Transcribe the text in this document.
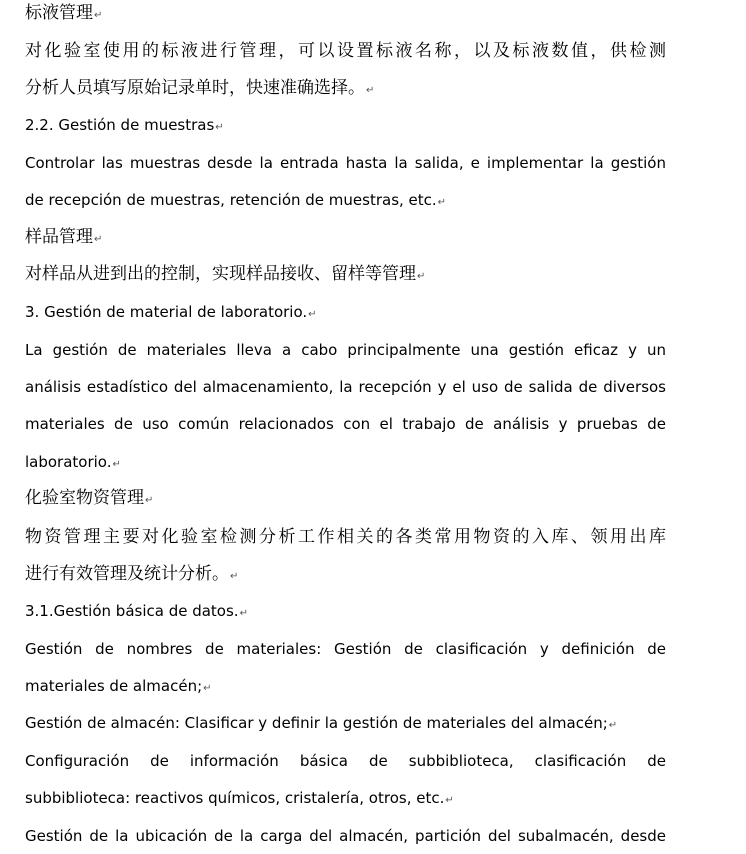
标液管理↵
对化验室使用的标液进行管理，可以设置标液名称，以及标液数值，供检测
分析人员填写原始记录单时，快速准确选择。↵
2.2. Gestión de muestras↵
Controlar las muestras desde la entrada hasta la salida, e implementar la gestión
de recepción de muestras, retención de muestras, etc.↵
样品管理↵
对样品从进到出的控制，实现样品接收、留样等管理↵
3. Gestión de material de laboratorio.↵
La gestión de materiales lleva a cabo principalmente una gestión eficaz y un
análisis estadístico del almacenamiento, la recepción y el uso de salida de diversos
materiales de uso común relacionados con el trabajo de análisis y pruebas de
laboratorio.↵
化验室物资管理↵
物资管理主要对化验室检测分析工作相关的各类常用物资的入库、领用出库
进行有效管理及统计分析。↵
3.1.Gestión básica de datos.↵
Gestión de nombres de materiales: Gestión de clasificación y definición de
materiales de almacén;↵
Gestión de almacén: Clasificar y definir la gestión de materiales del almacén;↵
Configuración de información básica de subbiblioteca, clasificación de
subbiblioteca: reactivos químicos, cristalería, otros, etc.↵
Gestión de la ubicación de la carga del almacén, partición del subalmacén, desde
